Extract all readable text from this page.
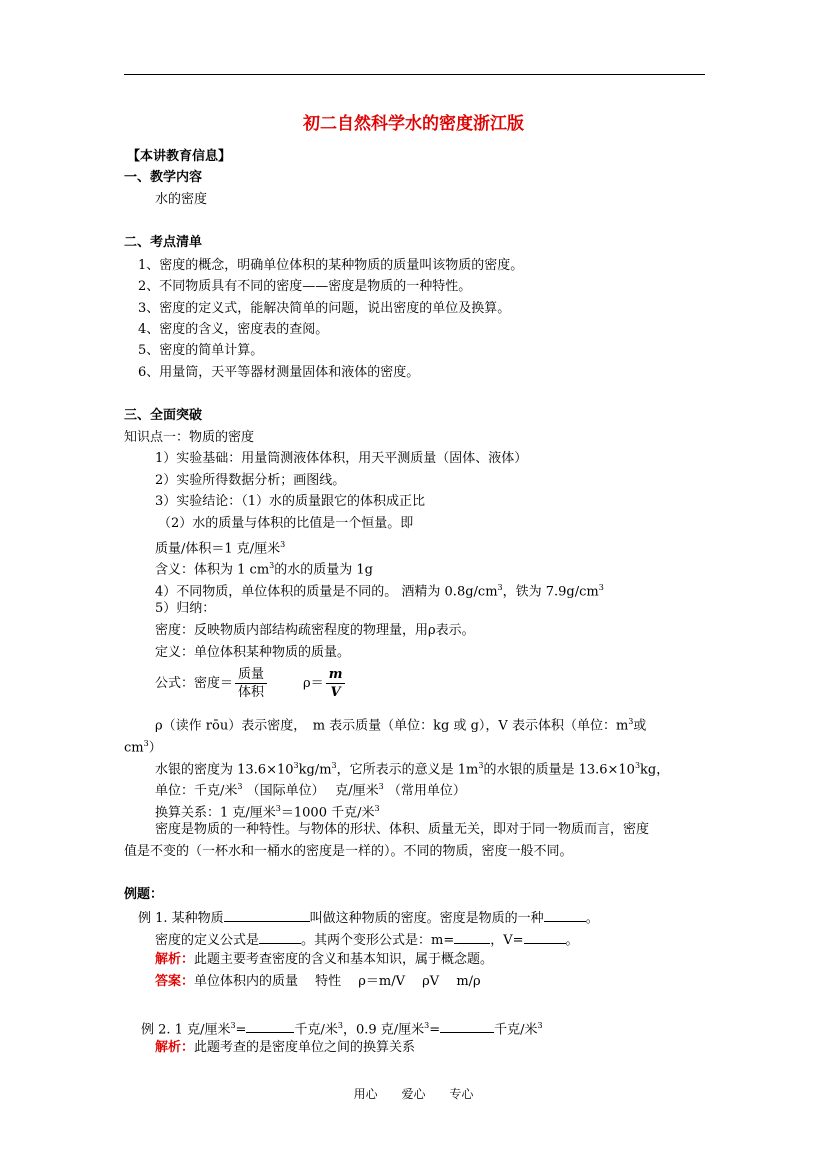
初二自然科学水的密度浙江版
【本讲教育信息】
一、教学内容
水的密度
二、考点清单
1、密度的概念，明确单位体积的某种物质的质量叫该物质的密度。
2、不同物质具有不同的密度——密度是物质的一种特性。
3、密度的定义式，能解决简单的问题，说出密度的单位及换算。
4、密度的含义，密度表的查阅。
5、密度的简单计算。
6、用量筒，天平等器材测量固体和液体的密度。
三、全面突破
知识点一：物质的密度
1）实验基础：用量筒测液体体积，用天平测质量（固体、液体）
2）实验所得数据分析；画图线。
3）实验结论：（1）水的质量跟它的体积成正比
（2）水的质量与体积的比值是一个恒量。即
质量/体积＝1 克/厘米$^3$
含义：体积为 1 $cm^3$的水的质量为 1g
4）不同物质，单位体积的质量是不同的。 酒精为 $0.8g/cm^3$，铁为 $7.9g/cm^3$
5）归纳：
密度：反映物质内部结构疏密程度的物理量，用ρ表示。
定义：单位体积某种物质的质量。
公式：密度＝ $\frac{\text{质量}}{\text{体积}}$	$\rho= \frac{m}{V}$
ρ（读作 rōu）表示密度，　m 表示质量（单位：kg 或 g），V 表示体积（单位：$m^3$或
$cm^3$）
水银的密度为 $13.6\times 10^3kg/m^3$，它所表示的意义是 $1m^3$的水银的质量是 $13.6\times 10^3kg$，
单位：千克/米$^3$ （国际单位）　 克/厘米$^3$ （常用单位）
换算关系：1 克/厘米$^3$＝1000 千克/米$^3$
密度是物质的一种特性。与物体的形状、体积、质量无关，即对于同一物质而言，密度
值是不变的（一杯水和一桶水的密度是一样的）。不同的物质，密度一般不同。
例题：
例 1. 某种物质	叫做这种物质的密度。密度是物质的一种	。
密度的定义公式是	。其两个变形公式是：m=	，V=	。
解析：此题主要考查密度的含义和基本知识，属于概念题。
答案：单位体积内的质量　 特性　 ρ＝m/V　 ρV　 m/ρ
例 2. 1 克/厘米$^3$=	千克/米$^3$，0.9 克/厘米$^3$=	千克/米$^3$
解析：此题考查的是密度单位之间的换算关系
用心 爱心 专心
